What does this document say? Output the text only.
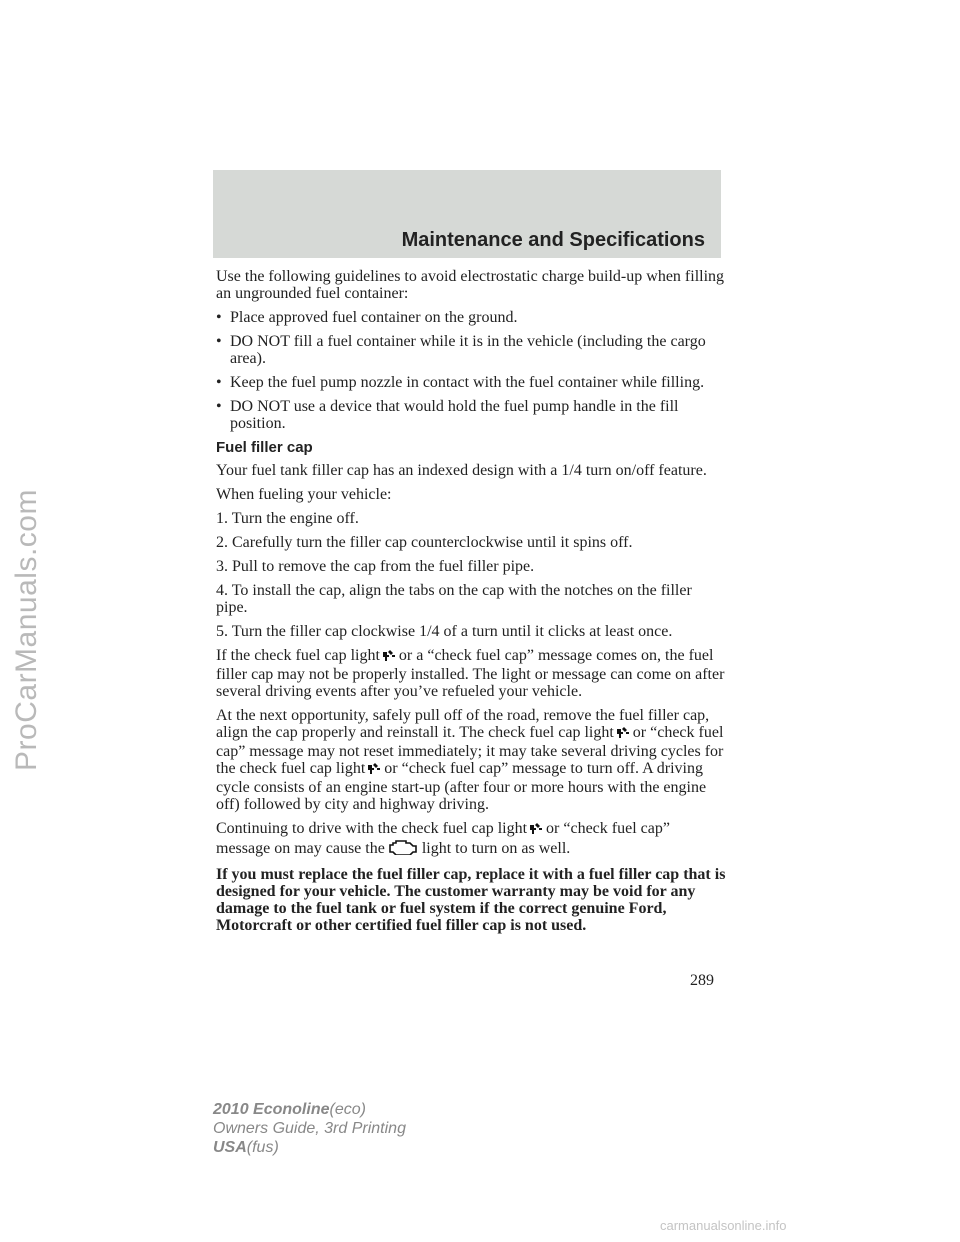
ProCarManuals.com
Maintenance and Specifications

Use the following guidelines to avoid electrostatic charge build-up when filling an ungrounded fuel container:

• Place approved fuel container on the ground.
• DO NOT fill a fuel container while it is in the vehicle (including the cargo area).
• Keep the fuel pump nozzle in contact with the fuel container while filling.
• DO NOT use a device that would hold the fuel pump handle in the fill position.
Fuel filler cap

Your fuel tank filler cap has an indexed design with a 1/4 turn on/off feature.

When fueling your vehicle:

1. Turn the engine off.

2. Carefully turn the filler cap counterclockwise until it spins off.

3. Pull to remove the cap from the fuel filler pipe.

4. To install the cap, align the tabs on the cap with the notches on the filler pipe.

5. Turn the filler cap clockwise 1/4 of a turn until it clicks at least once.

If the check fuel cap light or a “check fuel cap” message comes on, the fuel filler cap may not be properly installed. The light or message can come on after several driving events after you’ve refueled your vehicle.

At the next opportunity, safely pull off of the road, remove the fuel filler cap, align the cap properly and reinstall it. The check fuel cap light or “check fuel cap” message may not reset immediately; it may take several driving cycles for the check fuel cap light or “check fuel cap” message to turn off. A driving cycle consists of an engine start-up (after four or more hours with the engine off) followed by city and highway driving.

Continuing to drive with the check fuel cap light or “check fuel cap” message on may cause the light to turn on as well.

If you must replace the fuel filler cap, replace it with a fuel filler cap that is designed for your vehicle. The customer warranty may be void for any damage to the fuel tank or fuel system if the correct genuine Ford, Motorcraft or other certified fuel filler cap is not used.

289
2010 Econoline(eco)
Owners Guide, 3rd Printing
USA(fus)
carmanualsonline.info
